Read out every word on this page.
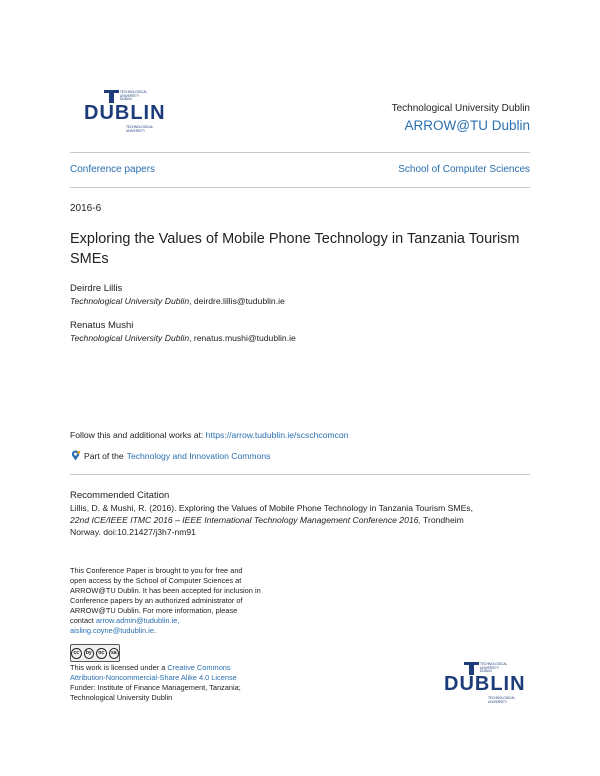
TECHNOLOGICAL
UNIVERSITY
DUBLIN
DUBLIN
TECHNOLOGICAL
UNIVERSITY
Technological University Dublin
ARROW@TU Dublin
Conference papers	School of Computer Sciences
2016-6
Exploring the Values of Mobile Phone Technology in Tanzania Tourism SMEs
Deirdre Lillis
Technological University Dublin, deirdre.lillis@tudublin.ie
Renatus Mushi
Technological University Dublin, renatus.mushi@tudublin.ie
Follow this and additional works at: https://arrow.tudublin.ie/scschcomcon
Part of the Technology and Innovation Commons
Recommended Citation
Lillis, D. & Mushi, R. (2016). Exploring the Values of Mobile Phone Technology in Tanzania Tourism SMEs,
22nd ICE/IEEE ITMC 2016 – IEEE International Technology Management Conference 2016, Trondheim
Norway. doi:10.21427/j3h7-nm91
This Conference Paper is brought to you for free and
open access by the School of Computer Sciences at
ARROW@TU Dublin. It has been accepted for inclusion in
Conference papers by an authorized administrator of
ARROW@TU Dublin. For more information, please
contact arrow.admin@tudublin.ie,
aisling.coyne@tudublin.ie.
cc	by	nc	sa
This work is licensed under a Creative Commons
Attribution-Noncommercial-Share Alike 4.0 License
Funder: Institute of Finance Management, Tanzania;
Technological University Dublin
TECHNOLOGICAL
UNIVERSITY
DUBLIN
DUBLIN
TECHNOLOGICAL
UNIVERSITY
